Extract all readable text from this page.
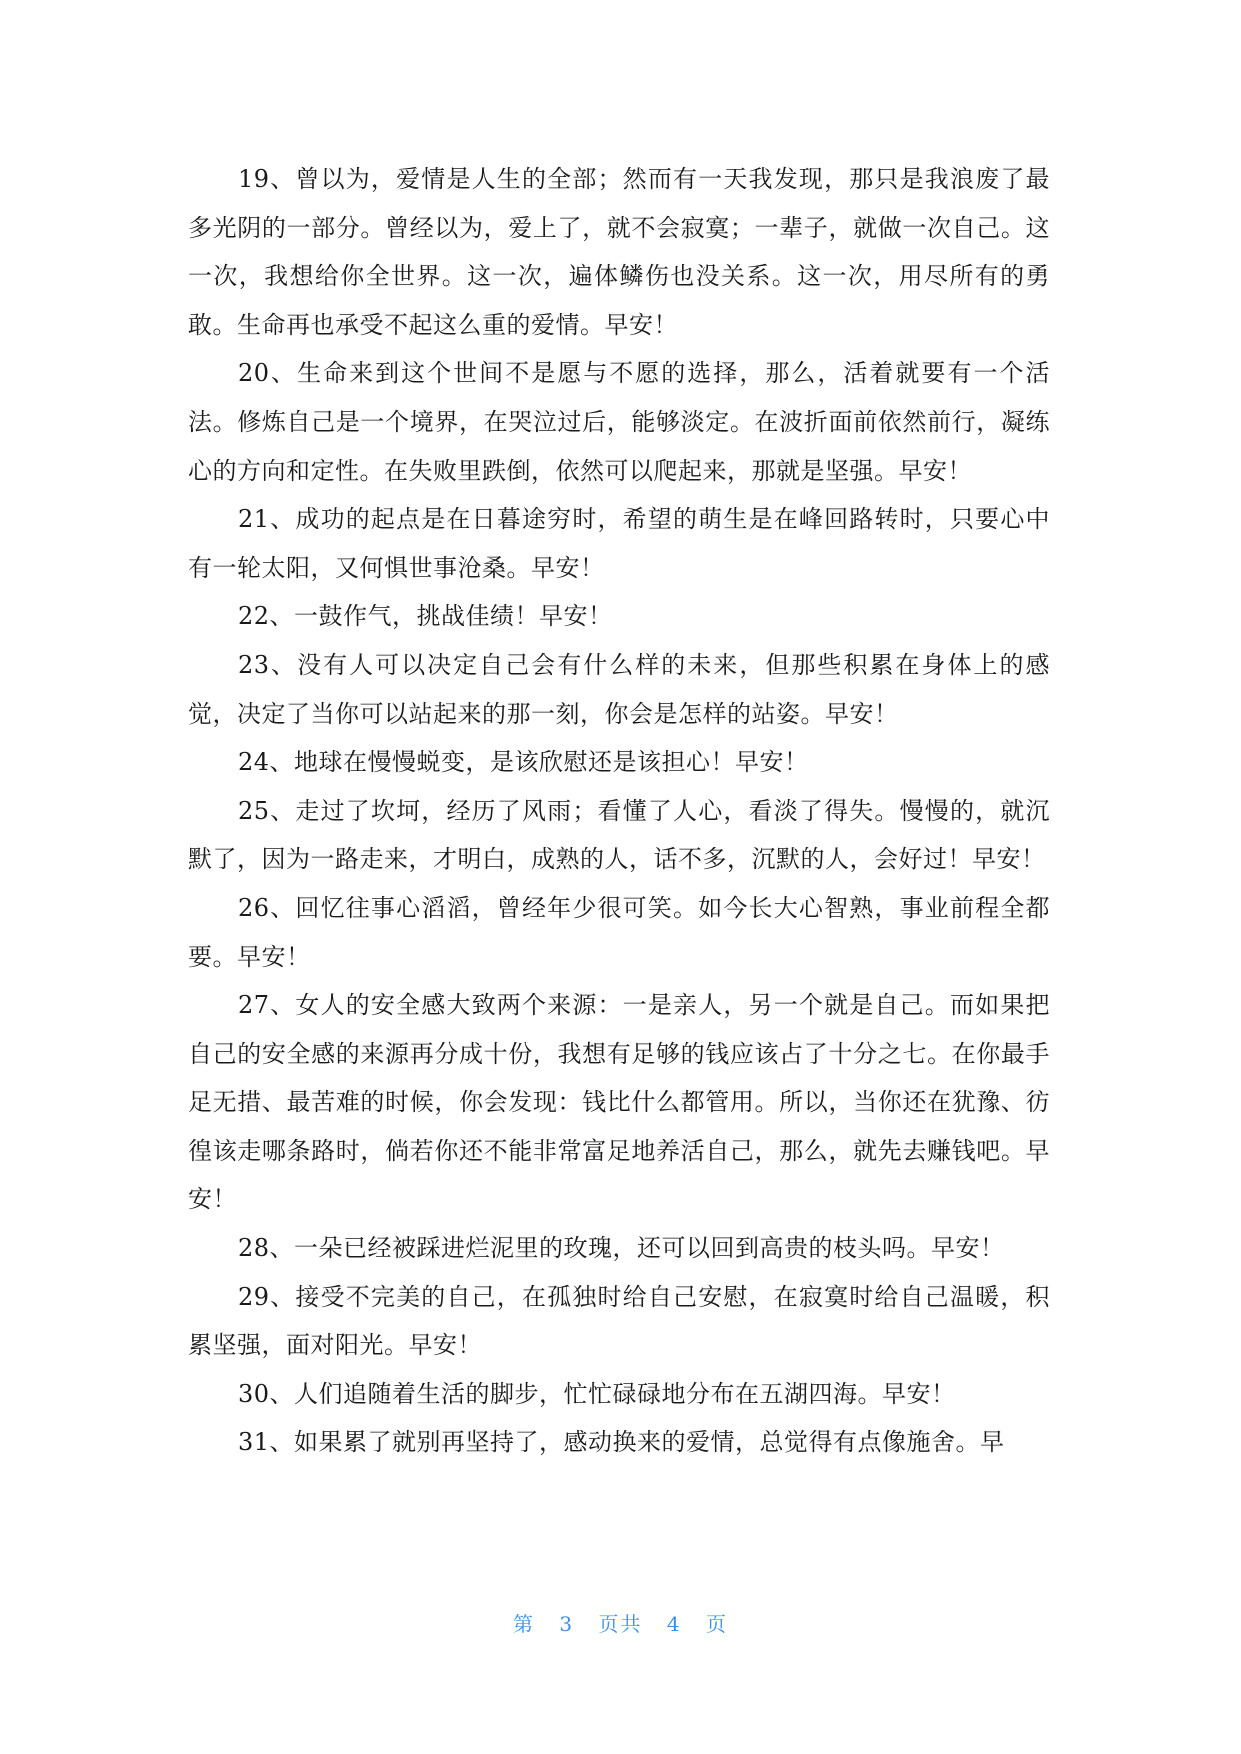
19、曾以为，爱情是人生的全部；然而有一天我发现，那只是我浪废了最多光阴的一部分。曾经以为，爱上了，就不会寂寞；一辈子，就做一次自己。这一次，我想给你全世界。这一次，遍体鳞伤也没关系。这一次，用尽所有的勇敢。生命再也承受不起这么重的爱情。早安！

20、生命来到这个世间不是愿与不愿的选择，那么，活着就要有一个活法。修炼自己是一个境界，在哭泣过后，能够淡定。在波折面前依然前行，凝练心的方向和定性。在失败里跌倒，依然可以爬起来，那就是坚强。早安！

21、成功的起点是在日暮途穷时，希望的萌生是在峰回路转时，只要心中有一轮太阳，又何惧世事沧桑。早安！

22、一鼓作气，挑战佳绩！早安！

23、没有人可以决定自己会有什么样的未来，但那些积累在身体上的感觉，决定了当你可以站起来的那一刻，你会是怎样的站姿。早安！

24、地球在慢慢蜕变，是该欣慰还是该担心！早安！

25、走过了坎坷，经历了风雨；看懂了人心，看淡了得失。慢慢的，就沉默了，因为一路走来，才明白，成熟的人，话不多，沉默的人，会好过！早安！

26、回忆往事心滔滔，曾经年少很可笑。如今长大心智熟，事业前程全都要。早安！

27、女人的安全感大致两个来源：一是亲人，另一个就是自己。而如果把自己的安全感的来源再分成十份，我想有足够的钱应该占了十分之七。在你最手足无措、最苦难的时候，你会发现：钱比什么都管用。所以，当你还在犹豫、彷徨该走哪条路时，倘若你还不能非常富足地养活自己，那么，就先去赚钱吧。早安！

28、一朵已经被踩进烂泥里的玫瑰，还可以回到高贵的枝头吗。早安！

29、接受不完美的自己，在孤独时给自己安慰，在寂寞时给自己温暖，积累坚强，面对阳光。早安！

30、人们追随着生活的脚步，忙忙碌碌地分布在五湖四海。早安！

31、如果累了就别再坚持了，感动换来的爱情，总觉得有点像施舍。早

第 3 页共 4 页
